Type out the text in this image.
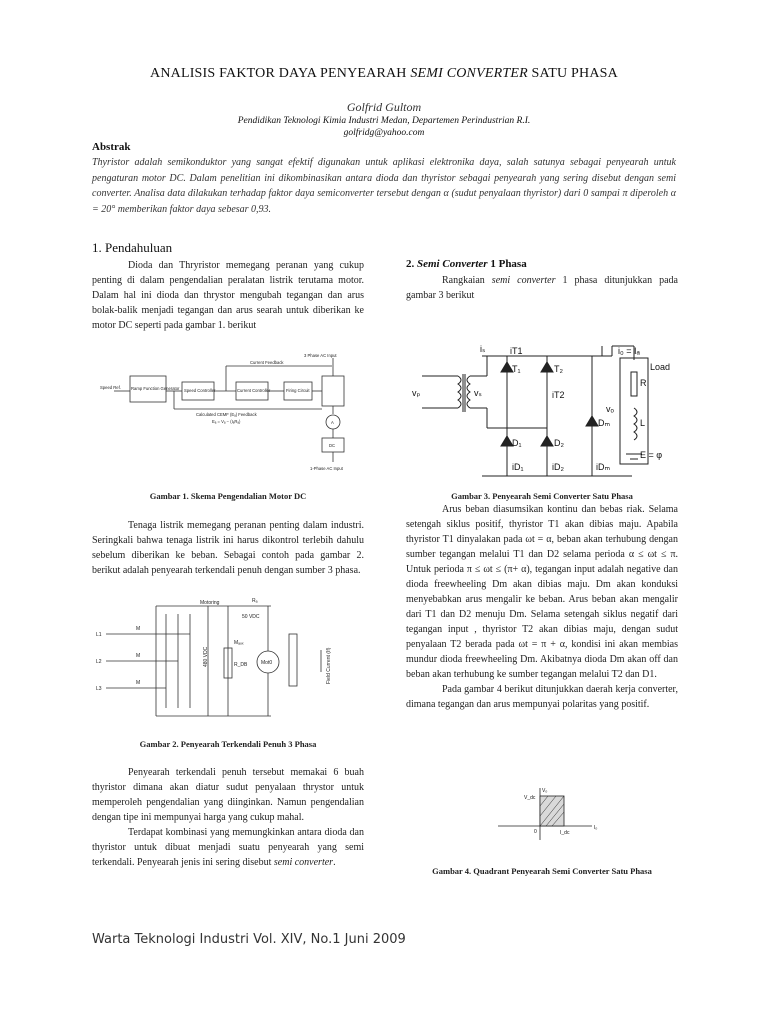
ANALISIS FAKTOR DAYA PENYEARAH SEMI CONVERTER SATU PHASA
Golfrid Gultom
Pendidikan Teknologi Kimia Industri Medan, Departemen Perindustrian R.I.
golfridg@yahoo.com
Abstrak
Thyristor adalah semikonduktor yang sangat efektif digunakan untuk aplikasi elektronika daya, salah satunya sebagai penyearah untuk pengaturan motor DC. Dalam penelitian ini dikombinasikan antara dioda dan thyristor sebagai penyearah yang sering disebut dengan semi converter. Analisa data dilakukan terhadap faktor daya semiconverter tersebut dengan α (sudut penyalaan thyristor) dari 0 sampai π diperoleh α = 20° memberikan faktor daya sebesar 0,93.
1. Pendahuluan

Dioda dan Thryristor memegang peranan yang cukup penting di dalam pengendalian peralatan listrik terutama motor. Dalam hal ini dioda dan thrystor mengubah tegangan dan arus bolak-balik menjadi tegangan dan arus searah untuk diberikan ke motor DC seperti pada gambar 1. berikut

Speed Ref. Ramp Function Generator Speed Controller	Current Controller	Firing Circuit
Current Feedback
3 Phase AC Input
Calculated CEMF (Eₐ) Feedback
Eₐ = Vₐ − (IₐRₐ)	A
DC
1-Phase AC Input
Gambar 1. Skema Pengendalian Motor DC

Tenaga listrik memegang peranan penting dalam industri. Seringkali bahwa tenaga listrik ini harus dikontrol terlebih dahulu sebelum diberikan ke beban. Sebagai contoh pada gambar 2. berikut adalah penyearah terkendali penuh dengan sumber 3 phasa.

Motoring	Rₐ
50 VDC
L1
L2
L3
M
M
M
Mₐᵤₓ
R_DB	Mot0
480 VDC	Field Current (If)
Gambar 2. Penyearah Terkendali Penuh 3 Phasa

Penyearah terkendali penuh tersebut memakai 6 buah thyristor dimana akan diatur sudut penyalaan thrystor untuk memperoleh pengendalian yang diinginkan. Namun pengendalian dengan tipe ini mempunyai harga yang cukup mahal.

Terdapat kombinasi yang memungkinkan antara dioda dan thyristor untuk dibuat menjadi suatu penyearah yang semi terkendali. Penyearah jenis ini sering disebut semi converter.

2. Semi Converter 1 Phasa

Rangkaian semi converter 1 phasa ditunjukkan pada gambar 3 berikut

vₚ	vₛ
iₛ	iT1
T₁	T₂
iT2
D₁	D₂
Dₘ
iD₁	iD₂	iDₘ
vₒ
i₀ = Iₐ
Load
R
L
E = φ
Gambar 3. Penyearah Semi Converter Satu Phasa

Arus beban diasumsikan kontinu dan bebas riak. Selama setengah siklus positif, thyristor T1 akan dibias maju. Apabila thyristor T1 dinyalakan pada ωt = α, beban akan terhubung dengan sumber tegangan melalui T1 dan D2 selama perioda α ≤ ωt ≤ π. Untuk perioda π ≤ ωt ≤ (π+ α), tegangan input adalah negative dan dioda freewheeling Dm akan dibias maju. Dm akan konduksi menyebabkan arus mengalir ke beban. Arus beban akan mengalir dari T1 dan D2 menuju Dm. Selama setengah siklus negatif dari tegangan input , thyristor T2 akan dibias maju, dengan sudut penyalaan T2 berada pada ωt = π + α, kondisi ini akan membias mundur dioda freewheeling Dm. Akibatnya dioda Dm akan off dan beban akan terhubung ke sumber tegangan melalui T2 dan D1.

Pada gambar 4 berikut ditunjukkan daerah kerja converter, dimana tegangan dan arus mempunyai polaritas yang positif.

Vₒ
V_dc
0	I_dc
Iₒ
Gambar 4. Quadrant Penyearah Semi Converter Satu Phasa
Warta Teknologi Industri Vol. XIV, No.1 Juni 2009
